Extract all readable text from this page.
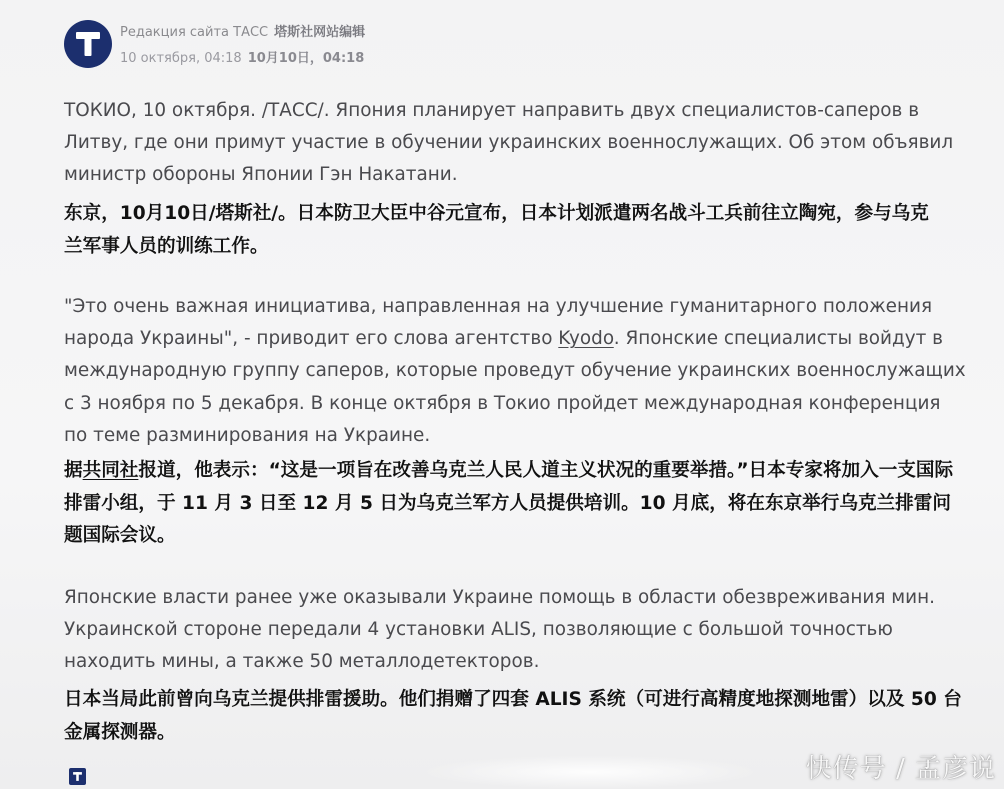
Редакция сайта ТАСС 塔斯社网站编辑
10 октября, 04:18 10月10日，04:18

ТОКИО, 10 октября. /ТАСС/. Япония планирует направить двух специалистов-саперов в Литву, где они примут участие в обучении украинских военнослужащих. Об этом объявил министр обороны Японии Гэн Накатани.

东京，10月10日/塔斯社/。日本防卫大臣中谷元宣布，日本计划派遣两名战斗工兵前往立陶宛，参与乌克兰军事人员的训练工作。

"Это очень важная инициатива, направленная на улучшение гуманитарного положения народа Украины", - приводит его слова агентство Kyodo. Японские специалисты войдут в международную группу саперов, которые проведут обучение украинских военнослужащих с 3 ноября по 5 декабря. В конце октября в Токио пройдет международная конференция по теме разминирования на Украине.

据共同社报道，他表示：“这是一项旨在改善乌克兰人民人道主义状况的重要举措。”日本专家将加入一支国际排雷小组，于 11 月 3 日至 12 月 5 日为乌克兰军方人员提供培训。10 月底，将在东京举行乌克兰排雷问题国际会议。

Японские власти ранее уже оказывали Украине помощь в области обезвреживания мин. Украинской стороне передали 4 установки ALIS, позволяющие с большой точностью находить мины, а также 50 металлодетекторов.

日本当局此前曾向乌克兰提供排雷援助。他们捐赠了四套 ALIS 系统（可进行高精度地探测地雷）以及 50 台金属探测器。

快传号 / 孟彦说
